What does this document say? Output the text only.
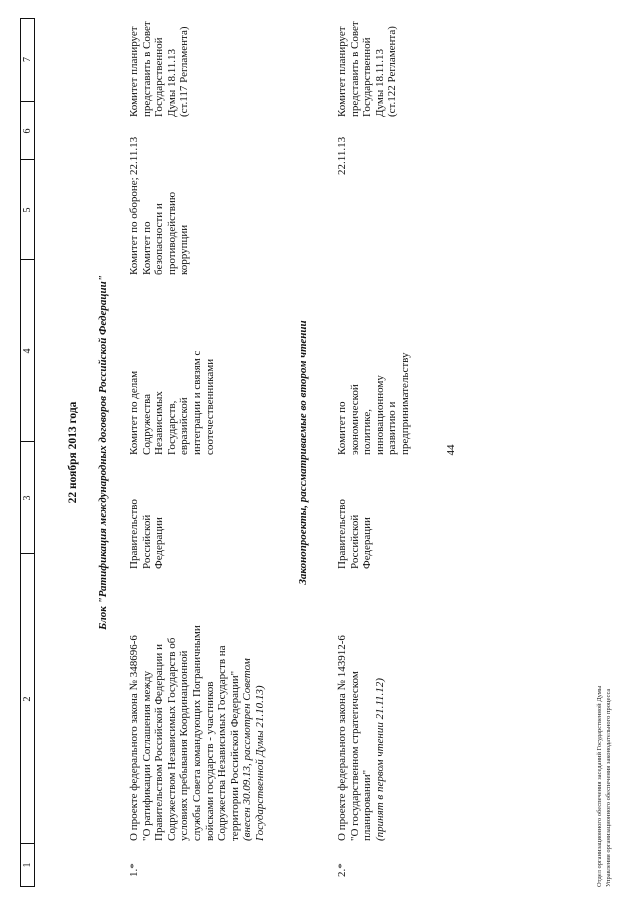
44
1
2
3
4
5
6
7
22 ноября 2013 года Блок "Ратификация международных договоров Российской Федерации"
1.*
О проекте федерального закона № 348696-6 "О ратификации Соглашения между Правительством Российской Федерации и Содружеством Независимых Государств об условиях пребывания Координационной службы Совета командующих Пограничными войсками государств - участников Содружества Независимых Государств на территории Российской Федерации" (внесен 30.09.13, рассмотрен Советом Государственной Думы 21.10.13)
Правительство Российской Федерации
Комитет по делам Содружества Независимых Государств, евразийской интеграции и связям с соотечественниками
Комитет по обороне; Комитет по безопасности и противодействию коррупции
22.11.13
Комитет планирует представить в Совет Государственной Думы 18.11.13 (ст.117 Регламента)
Законопроекты, рассматриваемые во втором чтении
2.*
О проекте федерального закона № 143912-6 "О государственном стратегическом планировании" (принят в первом чтении 21.11.12)
Правительство Российской Федерации
Комитет по экономической политике, инновационному развитию и предпринимательству
22.11.13
Комитет планирует представить в Совет Государственной Думы 18.11.13 (ст.122 Регламента)
Отдел организационного обеспечения заседаний Государственной Думы Управления организационного обеспечения законодательного процесса
